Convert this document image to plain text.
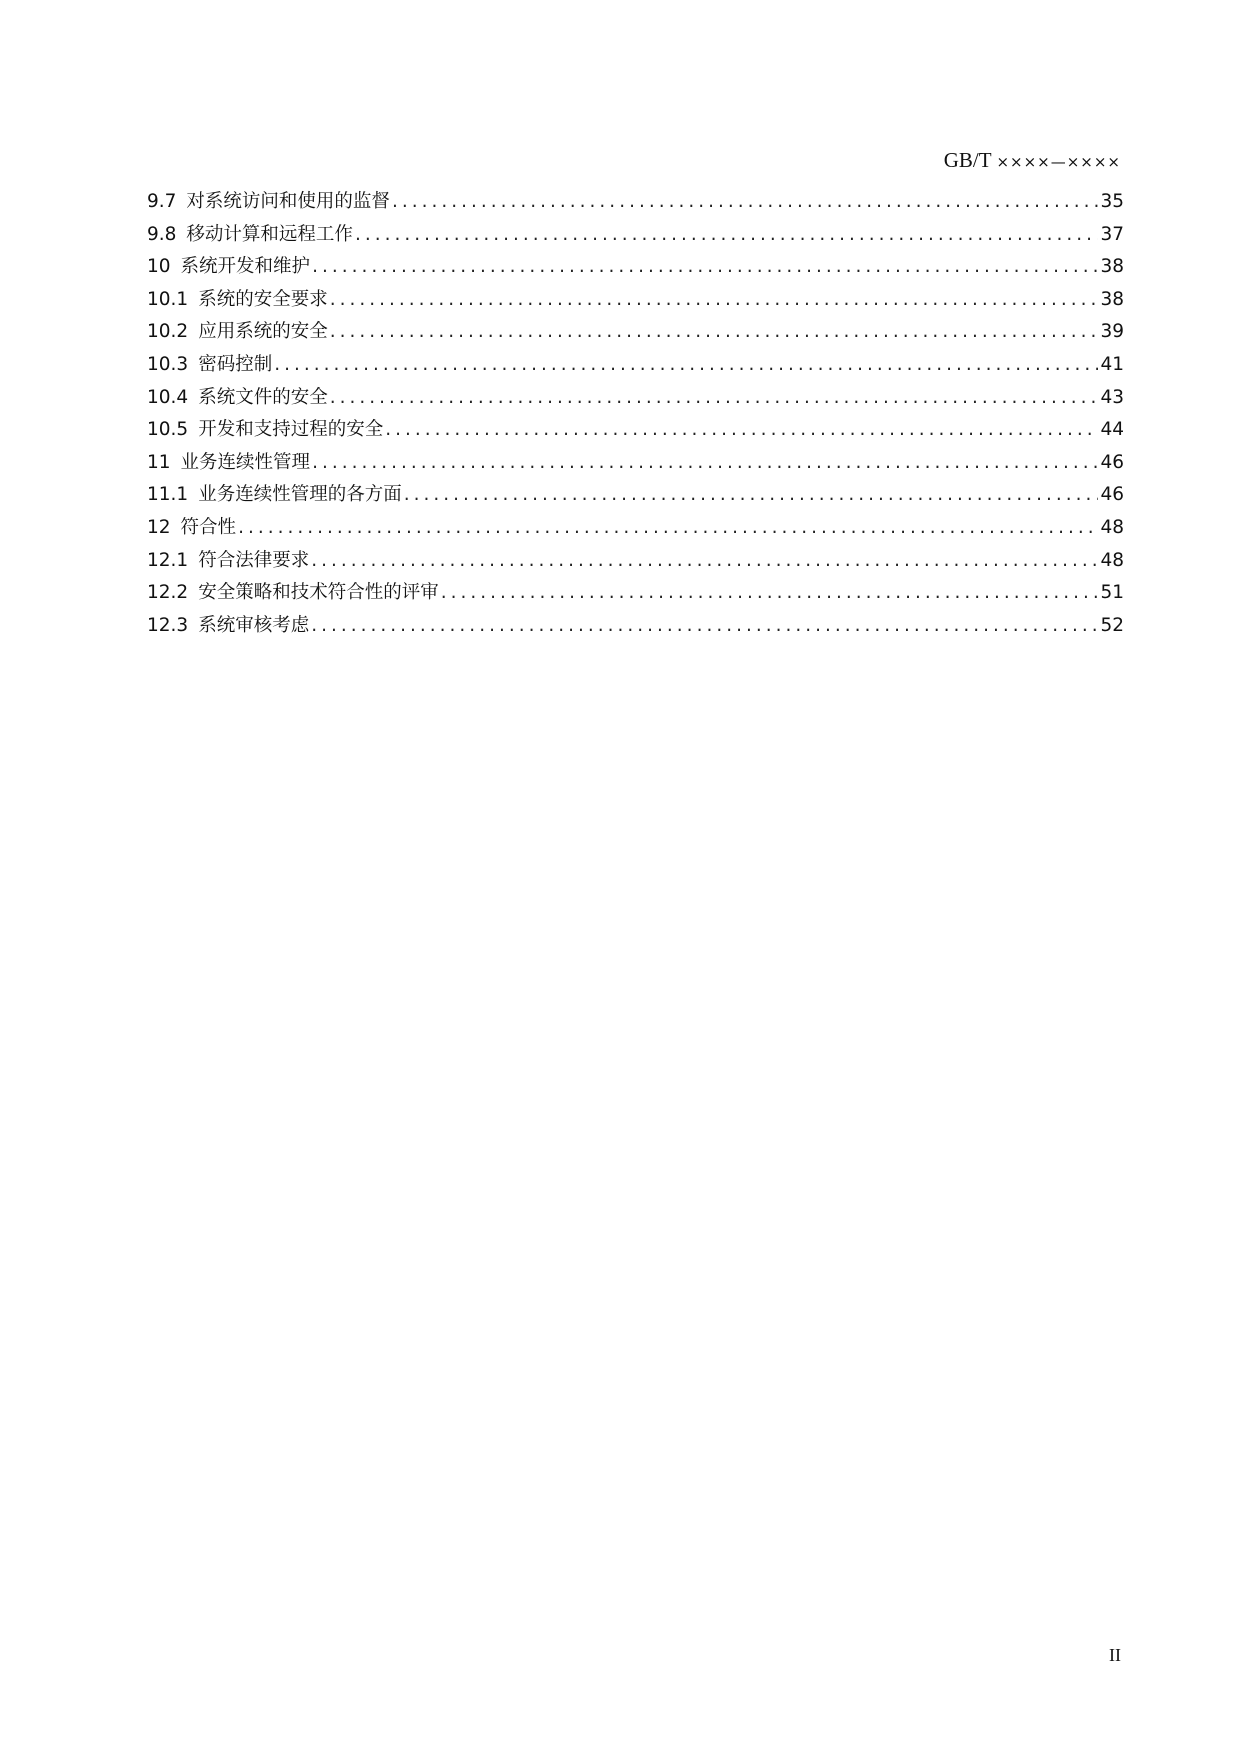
GB/T ××××—××××
9.7 对系统访问和使用的监督 .....	35
9.8 移动计算和远程工作 .....	37
10 系统开发和维护 .....	38
10.1 系统的安全要求 .....	38
10.2 应用系统的安全 .....	39
10.3 密码控制 .....	41
10.4 系统文件的安全 .....	43
10.5 开发和支持过程的安全 .....	44
11 业务连续性管理 .....	46
11.1 业务连续性管理的各方面 .....	46
12 符合性 .....	48
12.1 符合法律要求 .....	48
12.2 安全策略和技术符合性的评审 .....	51
12.3 系统审核考虑 .....	52
II
